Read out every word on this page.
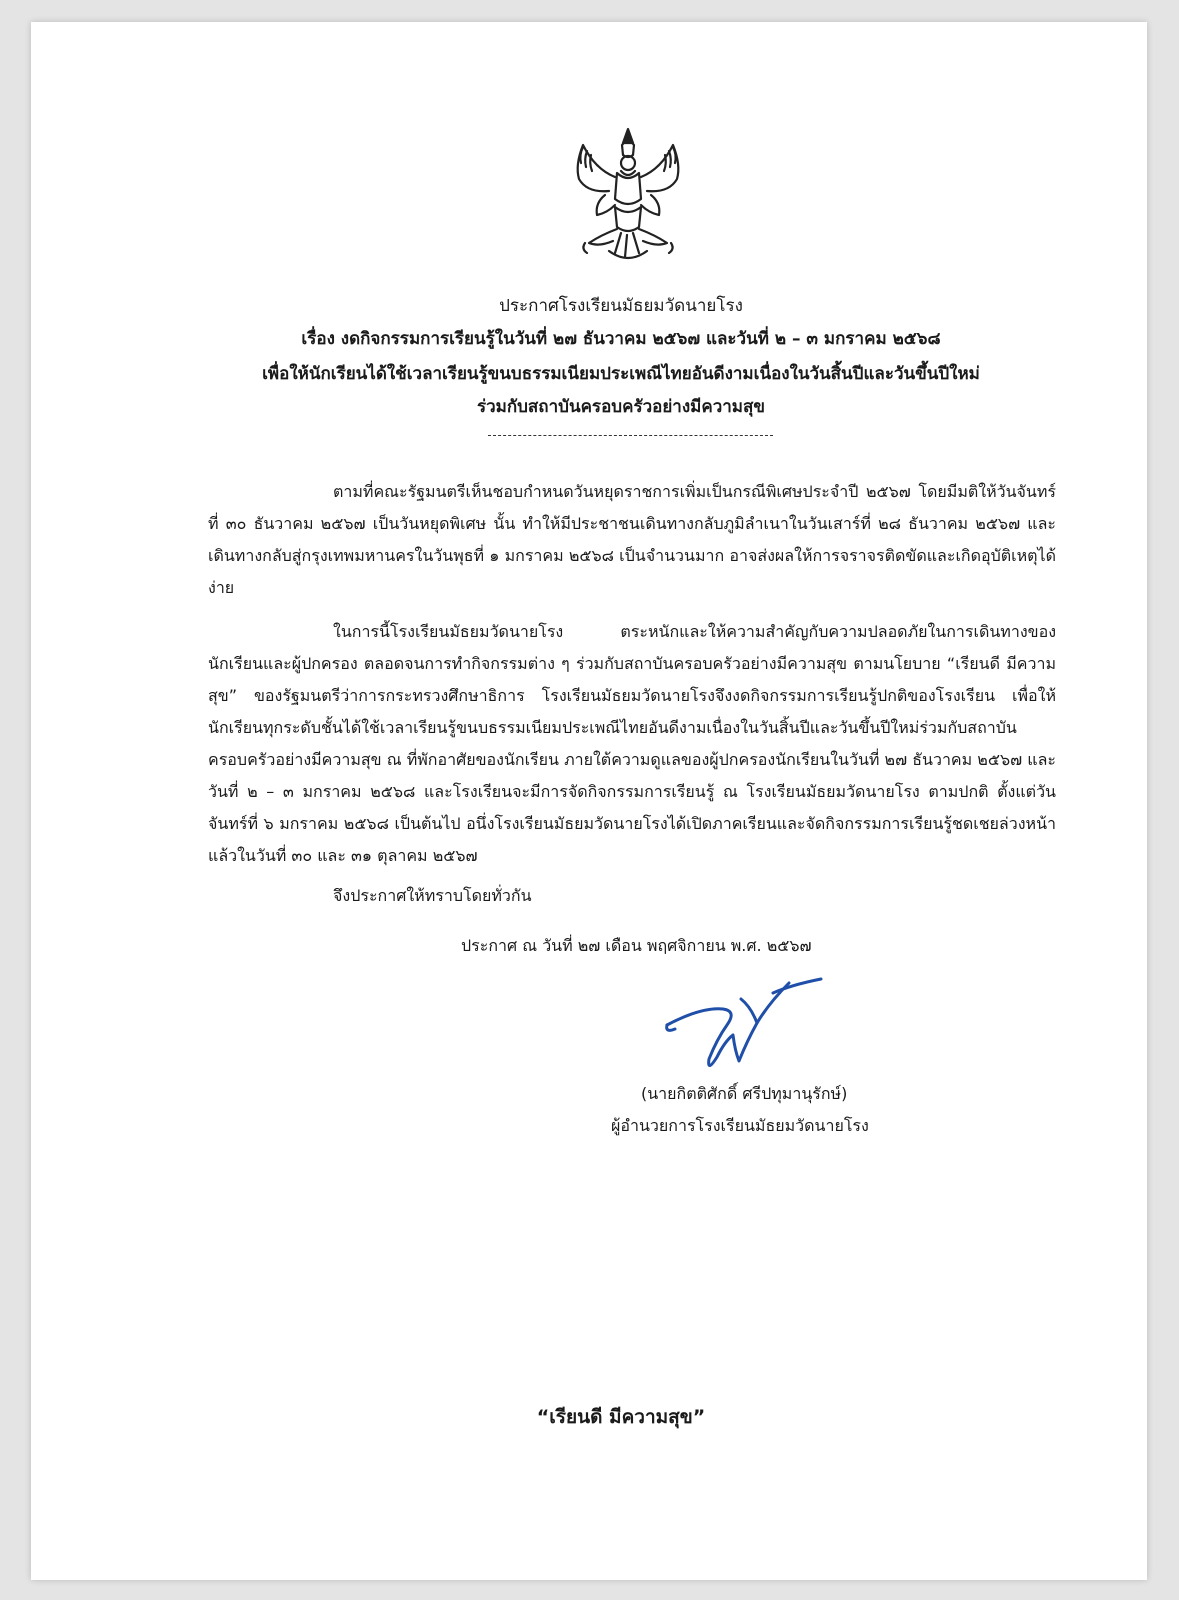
ประกาศโรงเรียนมัธยมวัดนายโรง
เรื่อง งดกิจกรรมการเรียนรู้ในวันที่ ๒๗ ธันวาคม ๒๕๖๗ และวันที่ ๒ – ๓ มกราคม ๒๕๖๘
เพื่อให้นักเรียนได้ใช้เวลาเรียนรู้ขนบธรรมเนียมประเพณีไทยอันดีงามเนื่องในวันสิ้นปีและวันขึ้นปีใหม่
ร่วมกับสถาบันครอบครัวอย่างมีความสุข

ตามที่คณะรัฐมนตรีเห็นชอบกำหนดวันหยุดราชการเพิ่มเป็นกรณีพิเศษประจำปี ๒๕๖๗ โดยมีมติให้วันจันทร์ที่ ๓๐ ธันวาคม ๒๕๖๗ เป็นวันหยุดพิเศษ นั้น ทำให้มีประชาชนเดินทางกลับภูมิลำเนาในวันเสาร์ที่ ๒๘ ธันวาคม ๒๕๖๗ และเดินทางกลับสู่กรุงเทพมหานครในวันพุธที่ ๑ มกราคม ๒๕๖๘ เป็นจำนวนมาก อาจส่งผลให้การจราจรติดขัดและเกิดอุบัติเหตุได้ง่าย

ในการนี้โรงเรียนมัธยมวัดนายโรง ตระหนักและให้ความสำคัญกับความปลอดภัยในการเดินทางของนักเรียนและผู้ปกครอง ตลอดจนการทำกิจกรรมต่าง ๆ ร่วมกับสถาบันครอบครัวอย่างมีความสุข ตามนโยบาย “เรียนดี มีความสุข” ของรัฐมนตรีว่าการกระทรวงศึกษาธิการ โรงเรียนมัธยมวัดนายโรงจึงงดกิจกรรมการเรียนรู้ปกติของโรงเรียน เพื่อให้นักเรียนทุกระดับชั้นได้ใช้เวลาเรียนรู้ขนบธรรมเนียมประเพณีไทยอันดีงามเนื่องในวันสิ้นปีและวันขึ้นปีใหม่ร่วมกับสถาบันครอบครัวอย่างมีความสุข ณ ที่พักอาศัยของนักเรียน ภายใต้ความดูแลของผู้ปกครองนักเรียนในวันที่ ๒๗ ธันวาคม ๒๕๖๗ และวันที่ ๒ – ๓ มกราคม ๒๕๖๘ และโรงเรียนจะมีการจัดกิจกรรมการเรียนรู้ ณ โรงเรียนมัธยมวัดนายโรง ตามปกติ ตั้งแต่วันจันทร์ที่ ๖ มกราคม ๒๕๖๘ เป็นต้นไป อนึ่งโรงเรียนมัธยมวัดนายโรงได้เปิดภาคเรียนและจัดกิจกรรมการเรียนรู้ชดเชยล่วงหน้าแล้วในวันที่ ๓๐ และ ๓๑ ตุลาคม ๒๕๖๗

จึงประกาศให้ทราบโดยทั่วกัน
ประกาศ ณ วันที่ ๒๗ เดือน พฤศจิกายน พ.ศ. ๒๕๖๗
(นายกิตติศักดิ์ ศรีปทุมานุรักษ์)
ผู้อำนวยการโรงเรียนมัธยมวัดนายโรง
“เรียนดี มีความสุข”
